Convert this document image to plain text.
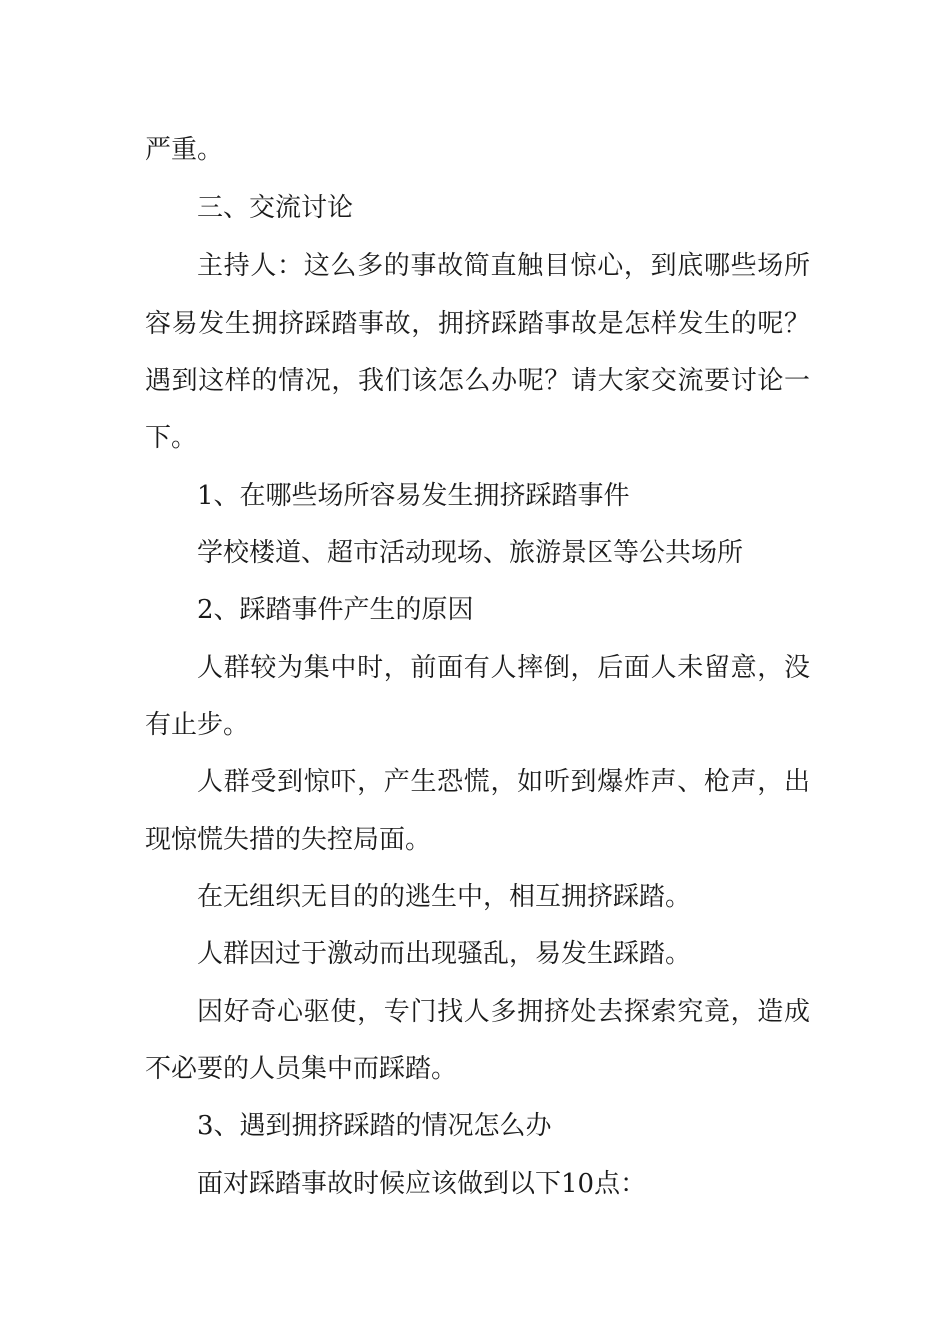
严重。
三、交流讨论
主持人：这么多的事故简直触目惊心，到底哪些场所
容易发生拥挤踩踏事故，拥挤踩踏事故是怎样发生的呢？
遇到这样的情况，我们该怎么办呢？请大家交流要讨论一
下。
1、在哪些场所容易发生拥挤踩踏事件
学校楼道、超市活动现场、旅游景区等公共场所
2、踩踏事件产生的原因
人群较为集中时，前面有人摔倒，后面人未留意，没
有止步。
人群受到惊吓，产生恐慌，如听到爆炸声、枪声，出
现惊慌失措的失控局面。
在无组织无目的的逃生中，相互拥挤踩踏。
人群因过于激动而出现骚乱，易发生踩踏。
因好奇心驱使，专门找人多拥挤处去探索究竟，造成
不必要的人员集中而踩踏。
3、遇到拥挤踩踏的情况怎么办
面对踩踏事故时候应该做到以下10点：
